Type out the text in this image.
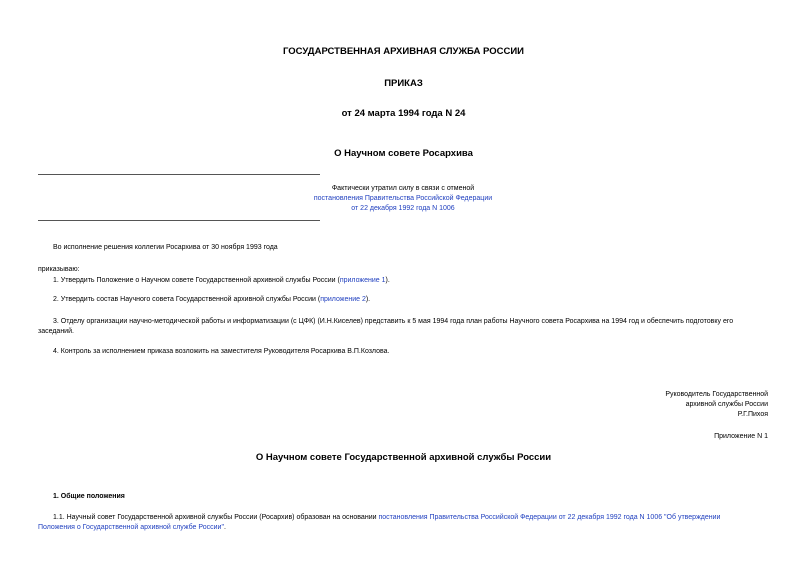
ГОСУДАРСТВЕННАЯ АРХИВНАЯ СЛУЖБА РОССИИ
ПРИКАЗ
от 24 марта 1994 года N 24
О Научном совете Росархива
Фактически утратил силу в связи с отменой
постановления Правительства Российской Федерации
от 22 декабря 1992 года N 1006
Во исполнение решения коллегии Росархива от 30 ноября 1993 года
приказываю:
1. Утвердить Положение о Научном совете Государственной архивной службы России (приложение 1).
2. Утвердить состав Научного совета Государственной архивной службы России (приложение 2).
3. Отделу организации научно-методической работы и информатизации (с ЦФК) (И.Н.Киселев) представить к 5 мая 1994 года план работы Научного совета Росархива на 1994 год и обеспечить подготовку его
заседаний.
4. Контроль за исполнением приказа возложить на заместителя Руководителя Росархива В.П.Козлова.
Руководитель Государственной
архивной службы России
Р.Г.Пихоя
Приложение N 1
О Научном совете Государственной архивной службы России
1. Общие положения
1.1. Научный совет Государственной архивной службы России (Росархив) образован на основании постановления Правительства Российской Федерации от 22 декабря 1992 года N 1006 "Об утверждении
Положения о Государственной архивной службе России".
